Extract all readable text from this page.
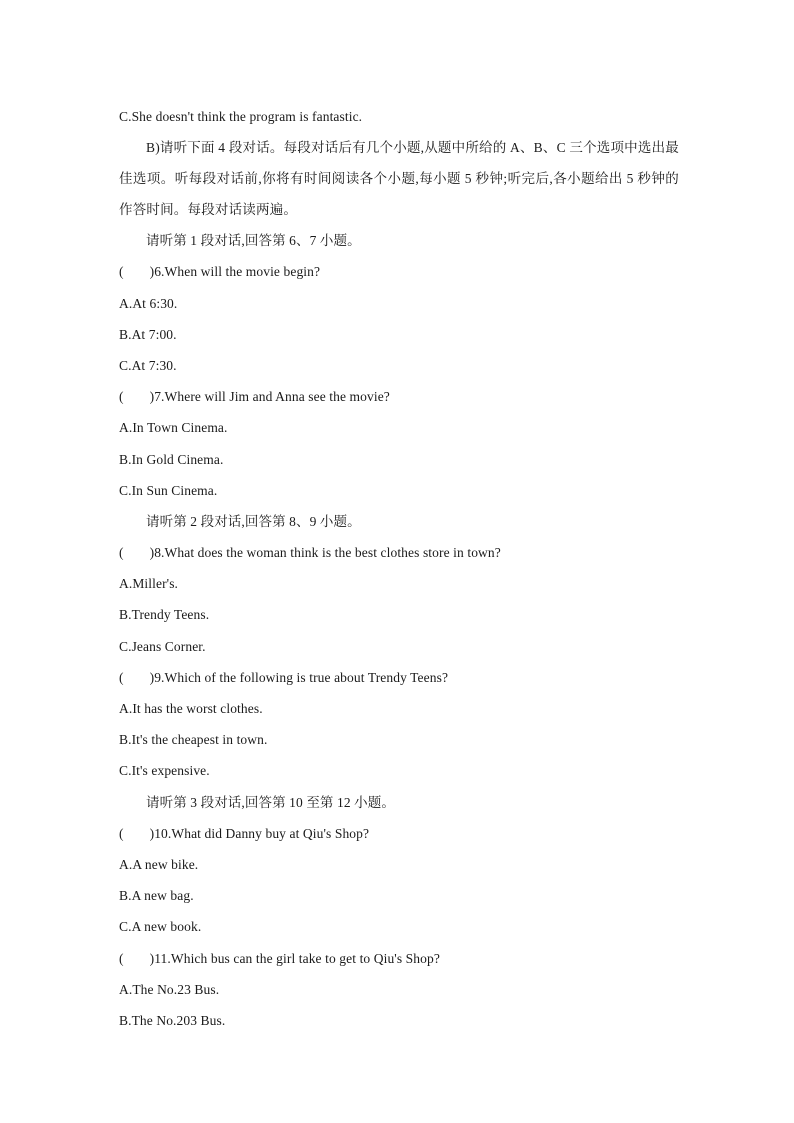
C.She doesn't think the program is fantastic.
B)请听下面 4 段对话。每段对话后有几个小题,从题中所给的 A、B、C 三个选项中选出最佳选项。听每段对话前,你将有时间阅读各个小题,每小题 5 秒钟;听完后,各小题给出 5 秒钟的作答时间。每段对话读两遍。
请听第 1 段对话,回答第 6、7 小题。
( )6.When will the movie begin?
A.At 6:30.
B.At 7:00.
C.At 7:30.
( )7.Where will Jim and Anna see the movie?
A.In Town Cinema.
B.In Gold Cinema.
C.In Sun Cinema.
请听第 2 段对话,回答第 8、9 小题。
( )8.What does the woman think is the best clothes store in town?
A.Miller's.
B.Trendy Teens.
C.Jeans Corner.
( )9.Which of the following is true about Trendy Teens?
A.It has the worst clothes.
B.It's the cheapest in town.
C.It's expensive.
请听第 3 段对话,回答第 10 至第 12 小题。
( )10.What did Danny buy at Qiu's Shop?
A.A new bike.
B.A new bag.
C.A new book.
( )11.Which bus can the girl take to get to Qiu's Shop?
A.The No.23 Bus.
B.The No.203 Bus.
